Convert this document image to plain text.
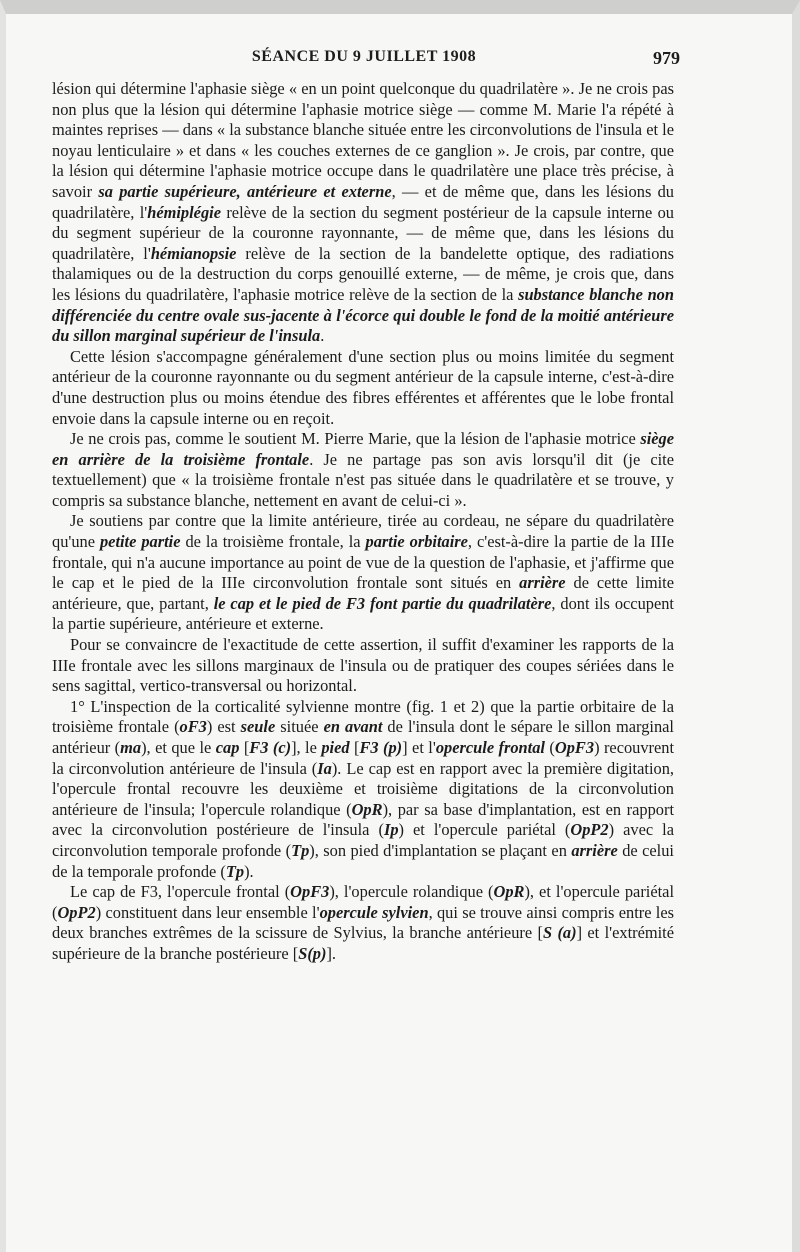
SÉANCE DU 9 JUILLET 1908	979

lésion qui détermine l'aphasie siège « en un point quelconque du quadrilatère ». Je ne crois pas non plus que la lésion qui détermine l'aphasie motrice siège — comme M. Marie l'a répété à maintes reprises — dans « la substance blanche située entre les circonvolutions de l'insula et le noyau lenticulaire » et dans « les couches externes de ce ganglion ». Je crois, par contre, que la lésion qui détermine l'aphasie motrice occupe dans le quadrilatère une place très précise, à savoir sa partie supérieure, antérieure et externe, — et de même que, dans les lésions du quadrilatère, l'hémiplégie relève de la section du segment postérieur de la capsule interne ou du segment supérieur de la couronne rayonnante, — de même que, dans les lésions du quadrilatère, l'hémianopsie relève de la section de la bandelette optique, des radiations thalamiques ou de la destruction du corps genouillé externe, — de même, je crois que, dans les lésions du quadrilatère, l'aphasie motrice relève de la section de la substance blanche non différenciée du centre ovale sus-jacente à l'écorce qui double le fond de la moitié antérieure du sillon marginal supérieur de l'insula.

Cette lésion s'accompagne généralement d'une section plus ou moins limitée du segment antérieur de la couronne rayonnante ou du segment antérieur de la capsule interne, c'est-à-dire d'une destruction plus ou moins étendue des fibres efférentes et afférentes que le lobe frontal envoie dans la capsule interne ou en reçoit.

Je ne crois pas, comme le soutient M. Pierre Marie, que la lésion de l'aphasie motrice siège en arrière de la troisième frontale. Je ne partage pas son avis lorsqu'il dit (je cite textuellement) que « la troisième frontale n'est pas située dans le quadrilatère et se trouve, y compris sa substance blanche, nettement en avant de celui-ci ».

Je soutiens par contre que la limite antérieure, tirée au cordeau, ne sépare du quadrilatère qu'une petite partie de la troisième frontale, la partie orbitaire, c'est-à-dire la partie de la IIIe frontale, qui n'a aucune importance au point de vue de la question de l'aphasie, et j'affirme que le cap et le pied de la IIIe circonvolution frontale sont situés en arrière de cette limite antérieure, que, partant, le cap et le pied de F3 font partie du quadrilatère, dont ils occupent la partie supérieure, antérieure et externe.

Pour se convaincre de l'exactitude de cette assertion, il suffit d'examiner les rapports de la IIIe frontale avec les sillons marginaux de l'insula ou de pratiquer des coupes sériées dans le sens sagittal, vertico-transversal ou horizontal.

1° L'inspection de la corticalité sylvienne montre (fig. 1 et 2) que la partie orbitaire de la troisième frontale (oF3) est seule située en avant de l'insula dont le sépare le sillon marginal antérieur (ma), et que le cap [F3 (c)], le pied [F3 (p)] et l'opercule frontal (OpF3) recouvrent la circonvolution antérieure de l'insula (Ia). Le cap est en rapport avec la première digitation, l'opercule frontal recouvre les deuxième et troisième digitations de la circonvolution antérieure de l'insula; l'opercule rolandique (OpR), par sa base d'implantation, est en rapport avec la circonvolution postérieure de l'insula (Ip) et l'opercule pariétal (OpP2) avec la circonvolution temporale profonde (Tp), son pied d'implantation se plaçant en arrière de celui de la temporale profonde (Tp).

Le cap de F3, l'opercule frontal (OpF3), l'opercule rolandique (OpR), et l'opercule pariétal (OpP2) constituent dans leur ensemble l'opercule sylvien, qui se trouve ainsi compris entre les deux branches extrêmes de la scissure de Sylvius, la branche antérieure [S (a)] et l'extrémité supérieure de la branche postérieure [S(p)].
